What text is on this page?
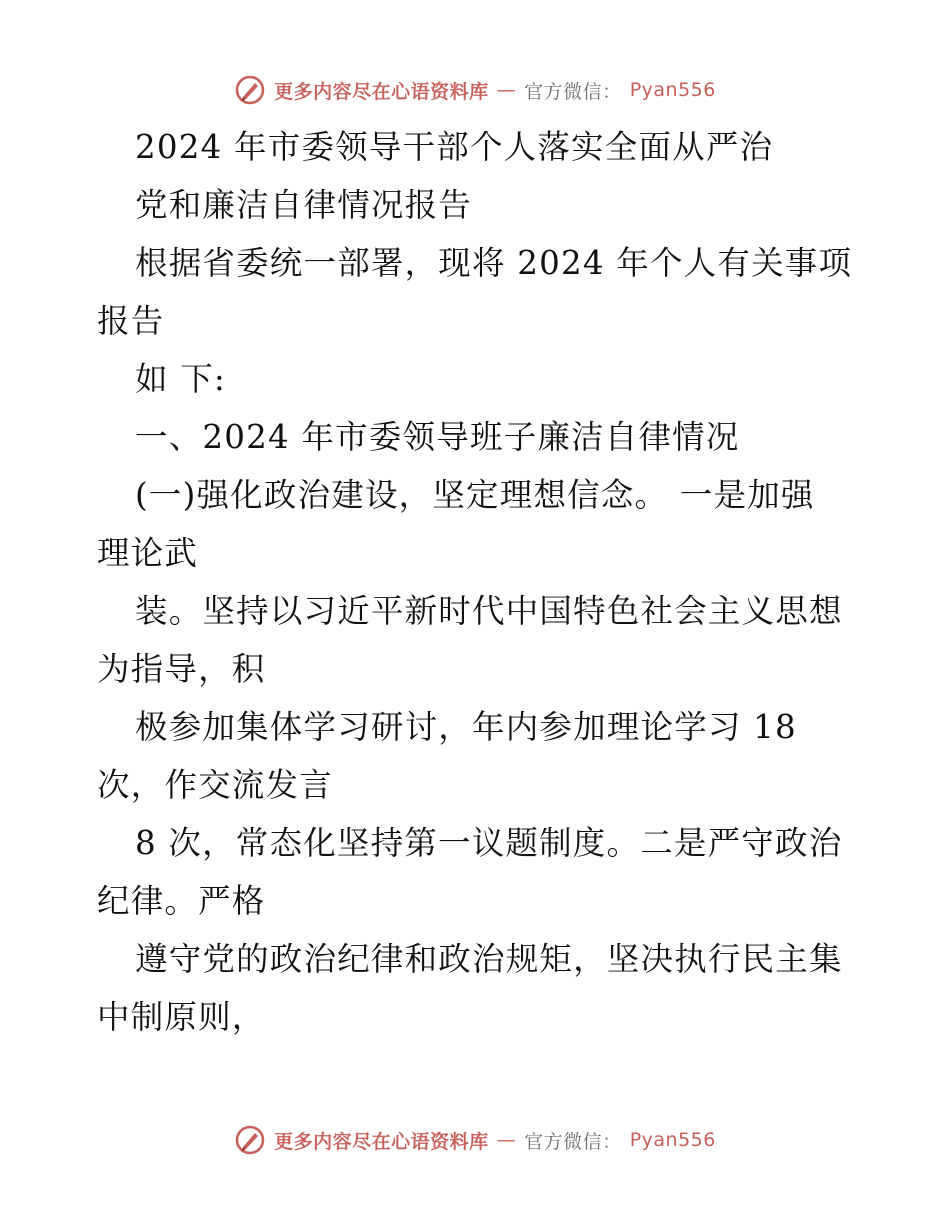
更多内容尽在心语资料库 — 官方微信： Pyan556
2024 年市委领导干部个人落实全面从严治
党和廉洁自律情况报告
根据省委统一部署，现将 2024 年个人有关事项
报告
如 下:
一、2024 年市委领导班子廉洁自律情况
(一)强化政治建设，坚定理想信念。 一是加强
理论武
装。坚持以习近平新时代中国特色社会主义思想
为指导，积
极参加集体学习研讨，年内参加理论学习 18
次，作交流发言
8 次，常态化坚持第一议题制度。二是严守政治
纪律。严格
遵守党的政治纪律和政治规矩，坚决执行民主集
中制原则，
更多内容尽在心语资料库 — 官方微信： Pyan556
